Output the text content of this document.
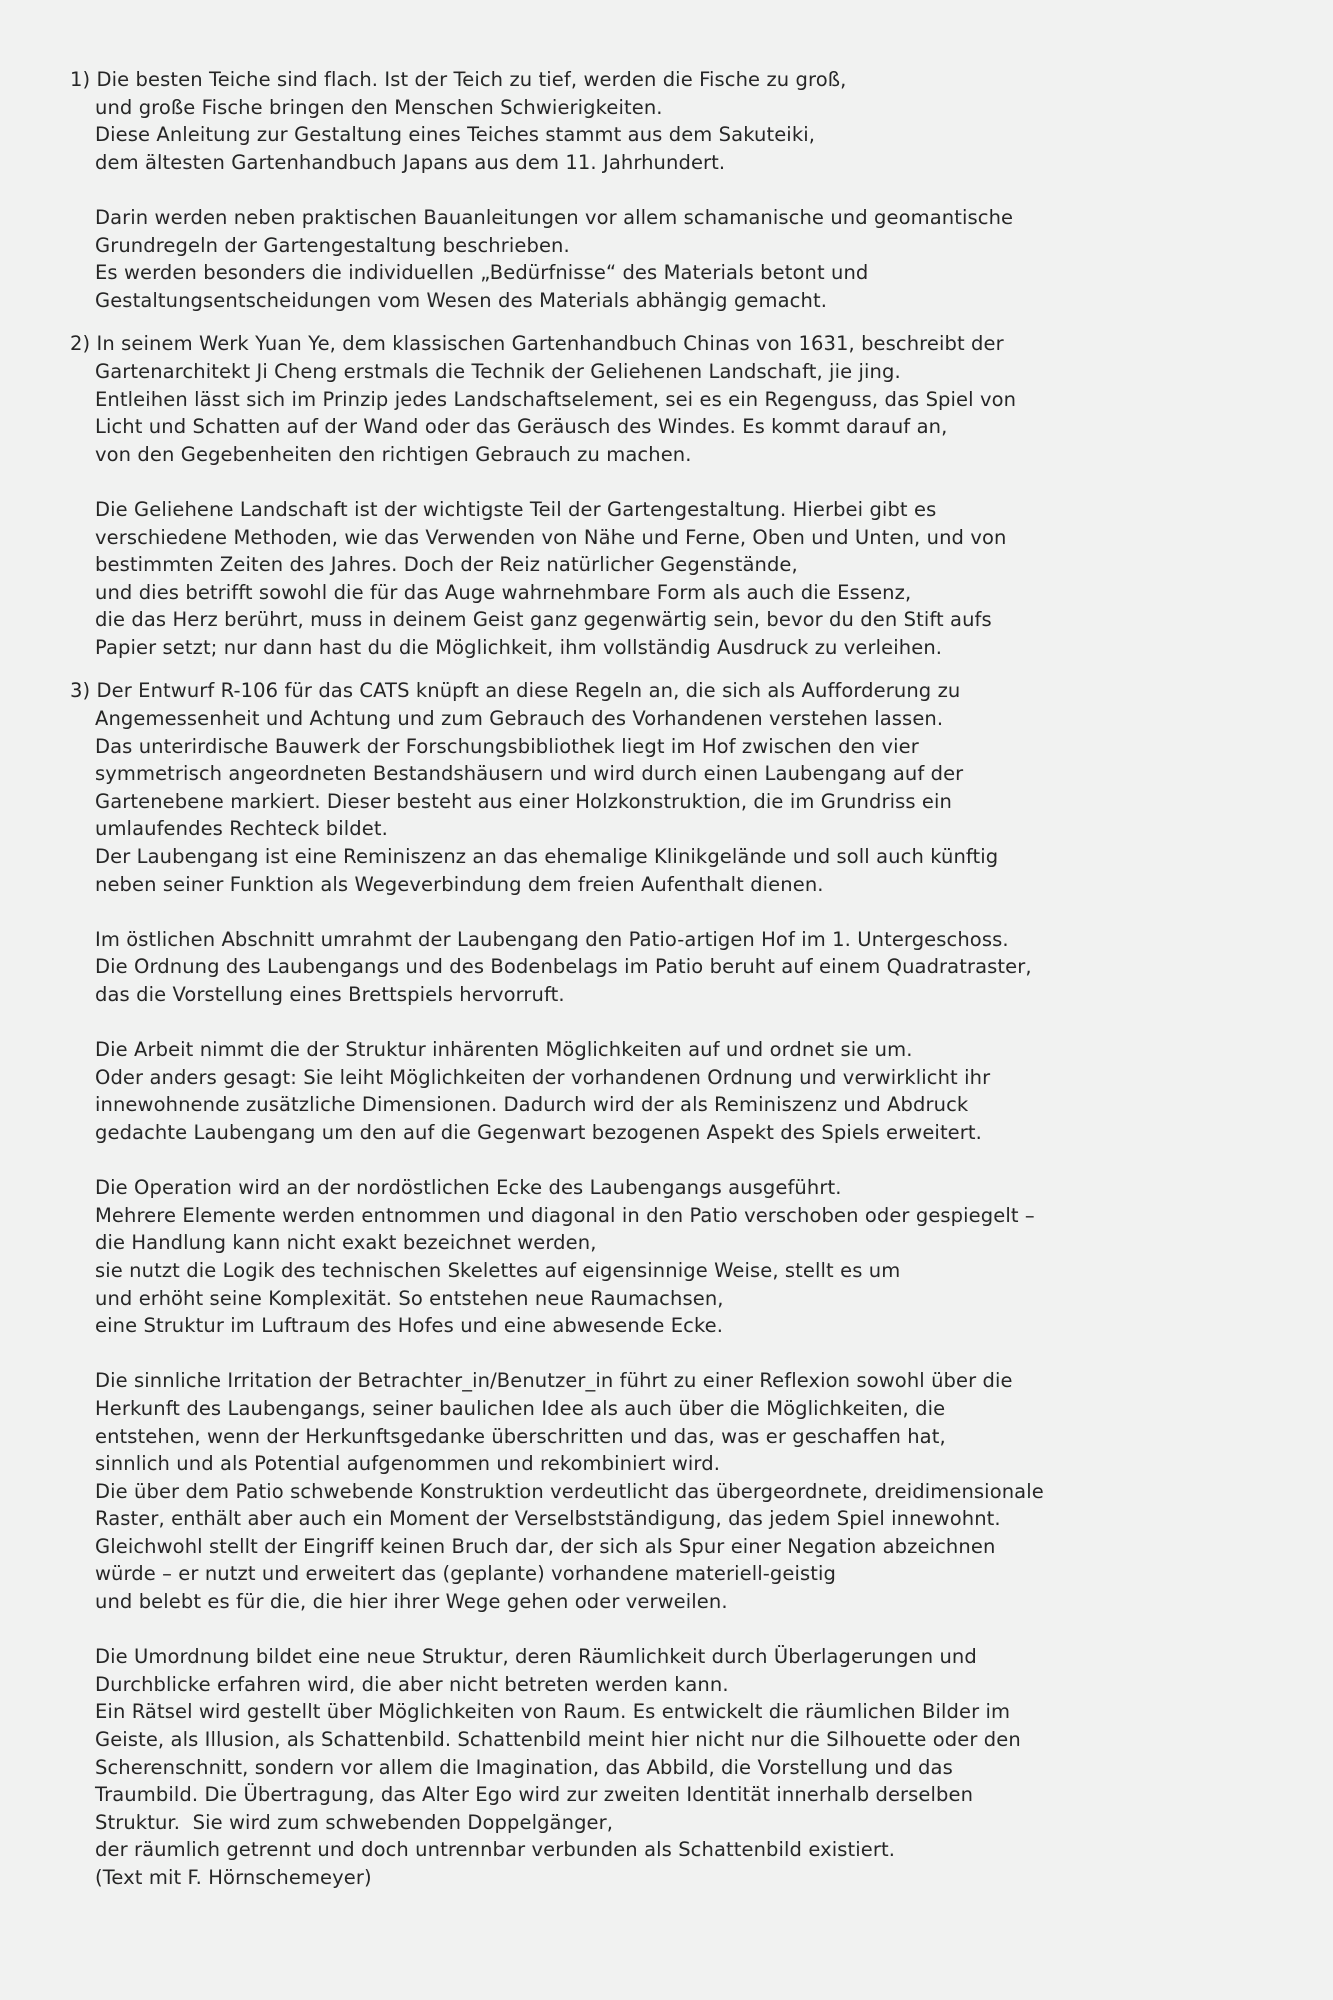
1) Die besten Teiche sind flach. Ist der Teich zu tief, werden die Fische zu groß,
und große Fische bringen den Menschen Schwierigkeiten.
Diese Anleitung zur Gestaltung eines Teiches stammt aus dem Sakuteiki,
dem ältesten Gartenhandbuch Japans aus dem 11. Jahrhundert.
Darin werden neben praktischen Bauanleitungen vor allem schamanische und geomantische
Grundregeln der Gartengestaltung beschrieben.
Es werden besonders die individuellen „Bedürfnisse“ des Materials betont und
Gestaltungsentscheidungen vom Wesen des Materials abhängig gemacht.
2) In seinem Werk Yuan Ye, dem klassischen Gartenhandbuch Chinas von 1631, beschreibt der
Gartenarchitekt Ji Cheng erstmals die Technik der Geliehenen Landschaft, jie jing.
Entleihen lässt sich im Prinzip jedes Landschaftselement, sei es ein Regenguss, das Spiel von
Licht und Schatten auf der Wand oder das Geräusch des Windes. Es kommt darauf an,
von den Gegebenheiten den richtigen Gebrauch zu machen.
Die Geliehene Landschaft ist der wichtigste Teil der Gartengestaltung. Hierbei gibt es
verschiedene Methoden, wie das Verwenden von Nähe und Ferne, Oben und Unten, und von
bestimmten Zeiten des Jahres. Doch der Reiz natürlicher Gegenstände,
und dies betrifft sowohl die für das Auge wahrnehmbare Form als auch die Essenz,
die das Herz berührt, muss in deinem Geist ganz gegenwärtig sein, bevor du den Stift aufs
Papier setzt; nur dann hast du die Möglichkeit, ihm vollständig Ausdruck zu verleihen.
3) Der Entwurf R-106 für das CATS knüpft an diese Regeln an, die sich als Aufforderung zu
Angemessenheit und Achtung und zum Gebrauch des Vorhandenen verstehen lassen.
Das unterirdische Bauwerk der Forschungsbibliothek liegt im Hof zwischen den vier
symmetrisch angeordneten Bestandshäusern und wird durch einen Laubengang auf der
Gartenebene markiert. Dieser besteht aus einer Holzkonstruktion, die im Grundriss ein
umlaufendes Rechteck bildet.
Der Laubengang ist eine Reminiszenz an das ehemalige Klinikgelände und soll auch künftig
neben seiner Funktion als Wegeverbindung dem freien Aufenthalt dienen.
Im östlichen Abschnitt umrahmt der Laubengang den Patio-artigen Hof im 1. Untergeschoss.
Die Ordnung des Laubengangs und des Bodenbelags im Patio beruht auf einem Quadratraster,
das die Vorstellung eines Brettspiels hervorruft.
Die Arbeit nimmt die der Struktur inhärenten Möglichkeiten auf und ordnet sie um.
Oder anders gesagt: Sie leiht Möglichkeiten der vorhandenen Ordnung und verwirklicht ihr
innewohnende zusätzliche Dimensionen. Dadurch wird der als Reminiszenz und Abdruck
gedachte Laubengang um den auf die Gegenwart bezogenen Aspekt des Spiels erweitert.
Die Operation wird an der nordöstlichen Ecke des Laubengangs ausgeführt.
Mehrere Elemente werden entnommen und diagonal in den Patio verschoben oder gespiegelt –
die Handlung kann nicht exakt bezeichnet werden,
sie nutzt die Logik des technischen Skelettes auf eigensinnige Weise, stellt es um
und erhöht seine Komplexität. So entstehen neue Raumachsen,
eine Struktur im Luftraum des Hofes und eine abwesende Ecke.
Die sinnliche Irritation der Betrachter_in/Benutzer_in führt zu einer Reflexion sowohl über die
Herkunft des Laubengangs, seiner baulichen Idee als auch über die Möglichkeiten, die
entstehen, wenn der Herkunftsgedanke überschritten und das, was er geschaffen hat,
sinnlich und als Potential aufgenommen und rekombiniert wird.
Die über dem Patio schwebende Konstruktion verdeutlicht das übergeordnete, dreidimensionale
Raster, enthält aber auch ein Moment der Verselbstständigung, das jedem Spiel innewohnt.
Gleichwohl stellt der Eingriff keinen Bruch dar, der sich als Spur einer Negation abzeichnen
würde – er nutzt und erweitert das (geplante) vorhandene materiell-geistig
und belebt es für die, die hier ihrer Wege gehen oder verweilen.
Die Umordnung bildet eine neue Struktur, deren Räumlichkeit durch Überlagerungen und
Durchblicke erfahren wird, die aber nicht betreten werden kann.
Ein Rätsel wird gestellt über Möglichkeiten von Raum. Es entwickelt die räumlichen Bilder im
Geiste, als Illusion, als Schattenbild. Schattenbild meint hier nicht nur die Silhouette oder den
Scherenschnitt, sondern vor allem die Imagination, das Abbild, die Vorstellung und das
Traumbild. Die Übertragung, das Alter Ego wird zur zweiten Identität innerhalb derselben
Struktur.  Sie wird zum schwebenden Doppelgänger,
der räumlich getrennt und doch untrennbar verbunden als Schattenbild existiert.
(Text mit F. Hörnschemeyer)
